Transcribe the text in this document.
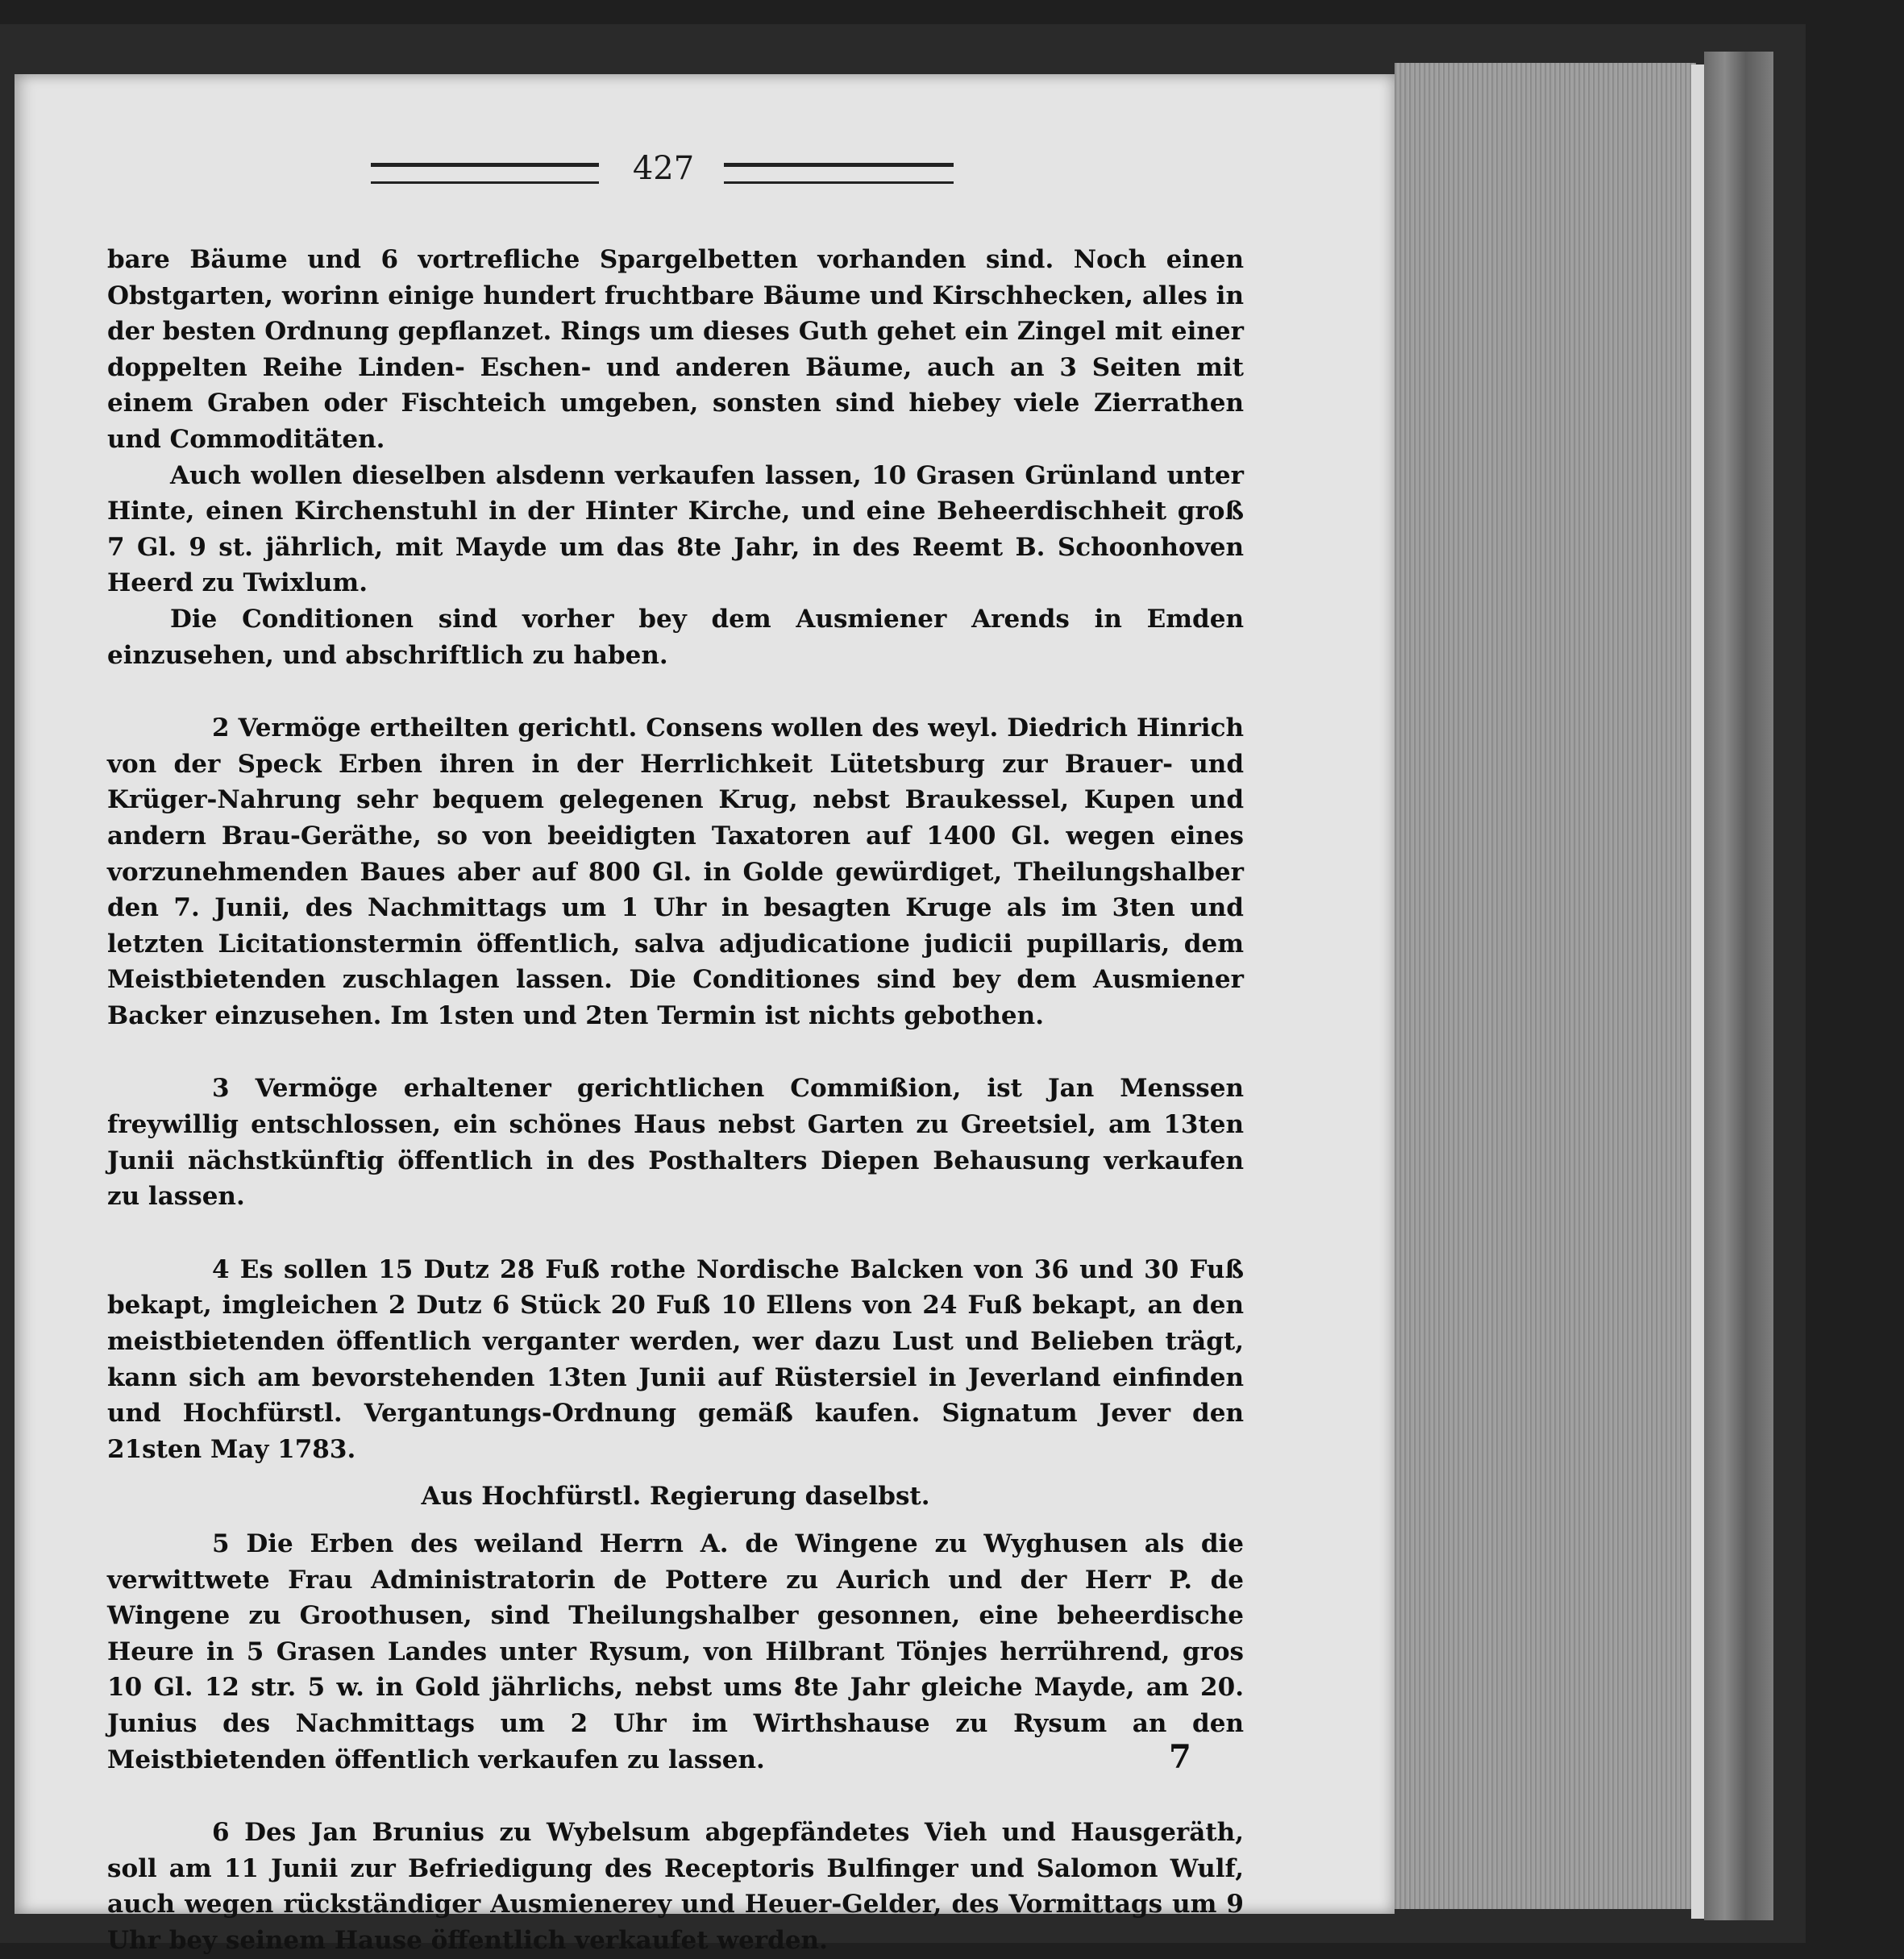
427

bare Bäume und 6 vortrefliche Spargelbetten vorhanden sind. Noch einen Obstgarten, worinn einige hundert fruchtbare Bäume und Kirschhecken, alles in der besten Ordnung gepflanzet. Rings um dieses Guth gehet ein Zingel mit einer doppelten Reihe Linden- Eschen- und anderen Bäume, auch an 3 Seiten mit einem Graben oder Fischteich umgeben, sonsten sind hiebey viele Zierrathen und Commoditäten.

Auch wollen dieselben alsdenn verkaufen lassen, 10 Grasen Grünland unter Hinte, einen Kirchenstuhl in der Hinter Kirche, und eine Beheerdischheit groß 7 Gl. 9 st. jährlich, mit Mayde um das 8te Jahr, in des Reemt B. Schoonhoven Heerd zu Twixlum.

Die Conditionen sind vorher bey dem Ausmiener Arends in Emden einzusehen, und abschriftlich zu haben.

2 Vermöge ertheilten gerichtl. Consens wollen des weyl. Diedrich Hinrich von der Speck Erben ihren in der Herrlichkeit Lütetsburg zur Brauer- und Krüger-Nahrung sehr bequem gelegenen Krug, nebst Braukessel, Kupen und andern Brau-Geräthe, so von beeidigten Taxatoren auf 1400 Gl. wegen eines vorzunehmenden Baues aber auf 800 Gl. in Golde gewürdiget, Theilungshalber den 7. Junii, des Nachmittags um 1 Uhr in besagten Kruge als im 3ten und letzten Licitationstermin öffentlich, salva adjudicatione judicii pupillaris, dem Meistbietenden zuschlagen lassen. Die Conditiones sind bey dem Ausmiener Backer einzusehen. Im 1sten und 2ten Termin ist nichts gebothen.

3 Vermöge erhaltener gerichtlichen Commißion, ist Jan Menssen freywillig entschlossen, ein schönes Haus nebst Garten zu Greetsiel, am 13ten Junii nächstkünftig öffentlich in des Posthalters Diepen Behausung verkaufen zu lassen.

4 Es sollen 15 Dutz 28 Fuß rothe Nordische Balcken von 36 und 30 Fuß bekapt, imgleichen 2 Dutz 6 Stück 20 Fuß 10 Ellens von 24 Fuß bekapt, an den meistbietenden öffentlich verganter werden, wer dazu Lust und Belieben trägt, kann sich am bevorstehenden 13ten Junii auf Rüstersiel in Jeverland einfinden und Hochfürstl. Vergantungs-Ordnung gemäß kaufen. Signatum Jever den 21sten May 1783.

Aus Hochfürstl. Regierung daselbst.

5 Die Erben des weiland Herrn A. de Wingene zu Wyghusen als die verwittwete Frau Administratorin de Pottere zu Aurich und der Herr P. de Wingene zu Groothusen, sind Theilungshalber gesonnen, eine beheerdische Heure in 5 Grasen Landes unter Rysum, von Hilbrant Tönjes herrührend, gros 10 Gl. 12 str. 5 w. in Gold jährlichs, nebst ums 8te Jahr gleiche Mayde, am 20. Junius des Nachmittags um 2 Uhr im Wirthshause zu Rysum an den Meistbietenden öffentlich verkaufen zu lassen.

6 Des Jan Brunius zu Wybelsum abgepfändetes Vieh und Hausgeräth, soll am 11 Junii zur Befriedigung des Receptoris Bulfinger und Salomon Wulf, auch wegen rückständiger Ausmienerey und Heuer-Gelder, des Vormittags um 9 Uhr bey seinem Hause öffentlich verkaufet werden.

7
